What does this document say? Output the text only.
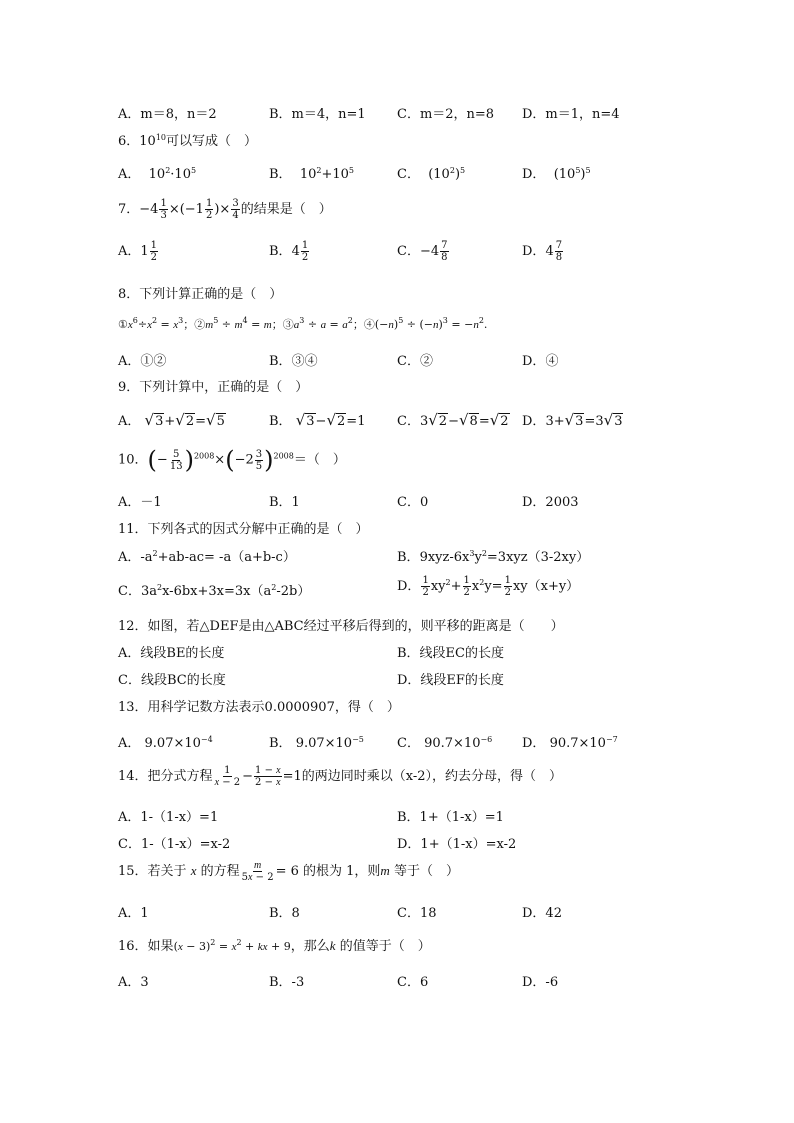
A．m＝8，n＝2	B．m＝4，n=1 C．m＝2，n=8 D．m＝1，n=4
6．$10^{10}$可以写成（　）
A．  $10^2\cdot 10^5$	B．  $10^2+10^5$	C．  $(10^2)^5$	D．  $(10^5)^5$
7．$-4 \frac{1}{3} \times(-1 \frac{1}{2}$ )× $\frac{3}{4}$ 的结果是（　）
A．$1 \frac{1}{2}$	B．$4 \frac{1}{2}$	C．$-4 \frac{7}{8}$	D．$4 \frac{7}{8}$
8．下列计算正确的是（　）
$①x^6\div x^2 = x^3$；$②m^5 \div m^4 = m$；$③a^3 \div a = a^2$；$④(-n)^5 \div (-n)^3 = -n^2$.
A．①②	B．③④	C．②	D．④
9．下列计算中，正确的是（　）
A． √3+√2=√5	B． √3−√2=1 C．3√2−√8=√2 D．3+√3=3√3
10．(− $\frac{5}{13} )^{2008}\times(-2 \frac{3}{5} )^{2008}=$（　）
A．－1	B．1	C．0	D．2003
11．下列各式的因式分解中正确的是（　）
A．$-a^2+ab-ac= -a(a+b-c)$	B．$9xyz-6x^3y^2=3xyz(3-2xy)$
C．$3a^2x-6bx+3x=3x(a^2-2b)$	D． $\frac{1}{2} xy^2+ \frac{1}{2} x^2y= \frac{1}{2} xy(x+y)$
12．如图，若△DEF是由△ABC经过平移后得到的，则平移的距离是（　　）
A．线段BE的长度	B．线段EC的长度
C．线段BC的长度	D．线段EF的长度
13．用科学记数方法表示0.0000907，得（　）
A． $9.07\times 10^{-4}$	B． $9.07\times 10^{-5}$	C． $90.7\times 10^{-6}$ D． $90.7\times 10^{-7}$
14．把分式方程 $\frac{1}{x - 2} - \frac{1 - x}{2 - x} =1$的两边同时乘以（x-2），约去分母，得（　）
A．1-（1-x）=1	B．1+（1-x）=1
C．1-（1-x）=x-2	D．1+（1-x）=x-2
15．若关于 x 的方程 $\frac{m}{5x - 2} = 6$ 的根为 1，则m 等于（　）
A．1	B．8	C．18	D．42
16．如果$(x - 3)^2 = x^2$ + kx + 9，那么k 的值等于（　）
A．3	B．-3	C．6	D．-6
